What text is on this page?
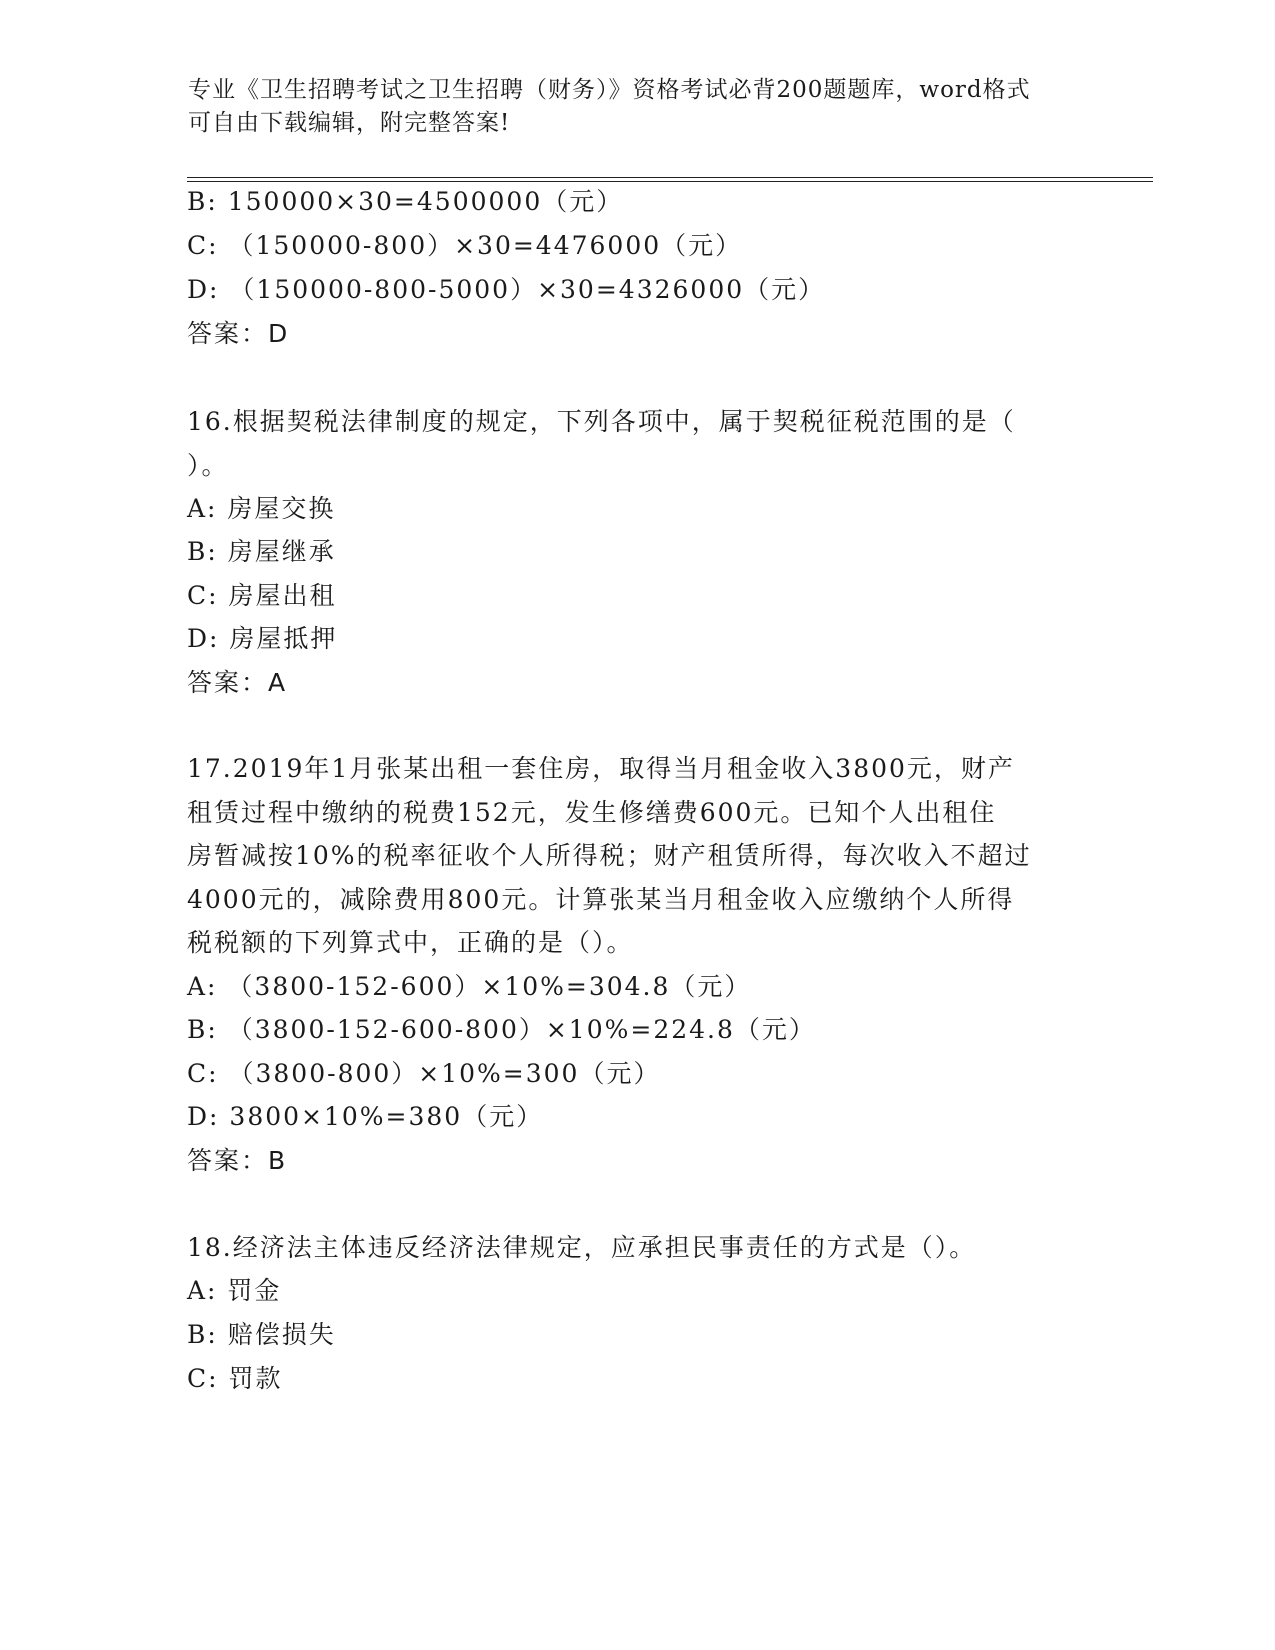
专业《卫生招聘考试之卫生招聘（财务）》资格考试必背200题题库，word格式
可自由下载编辑，附完整答案!
B: 150000×30=4500000（元）
C: （150000-800）×30=4476000（元）
D: （150000-800-5000）×30=4326000（元）
答案：D
16.根据契税法律制度的规定，下列各项中，属于契税征税范围的是（
）。
A: 房屋交换
B: 房屋继承
C: 房屋出租
D: 房屋抵押
答案：A
17.2019年1月张某出租一套住房，取得当月租金收入3800元，财产
租赁过程中缴纳的税费152元，发生修缮费600元。已知个人出租住
房暂减按10%的税率征收个人所得税；财产租赁所得，每次收入不超过
4000元的，减除费用800元。计算张某当月租金收入应缴纳个人所得
税税额的下列算式中，正确的是（）。
A: （3800-152-600）×10%=304.8（元）
B: （3800-152-600-800）×10%=224.8（元）
C: （3800-800）×10%=300（元）
D: 3800×10%=380（元）
答案：B
18.经济法主体违反经济法律规定，应承担民事责任的方式是（）。
A: 罚金
B: 赔偿损失
C: 罚款
